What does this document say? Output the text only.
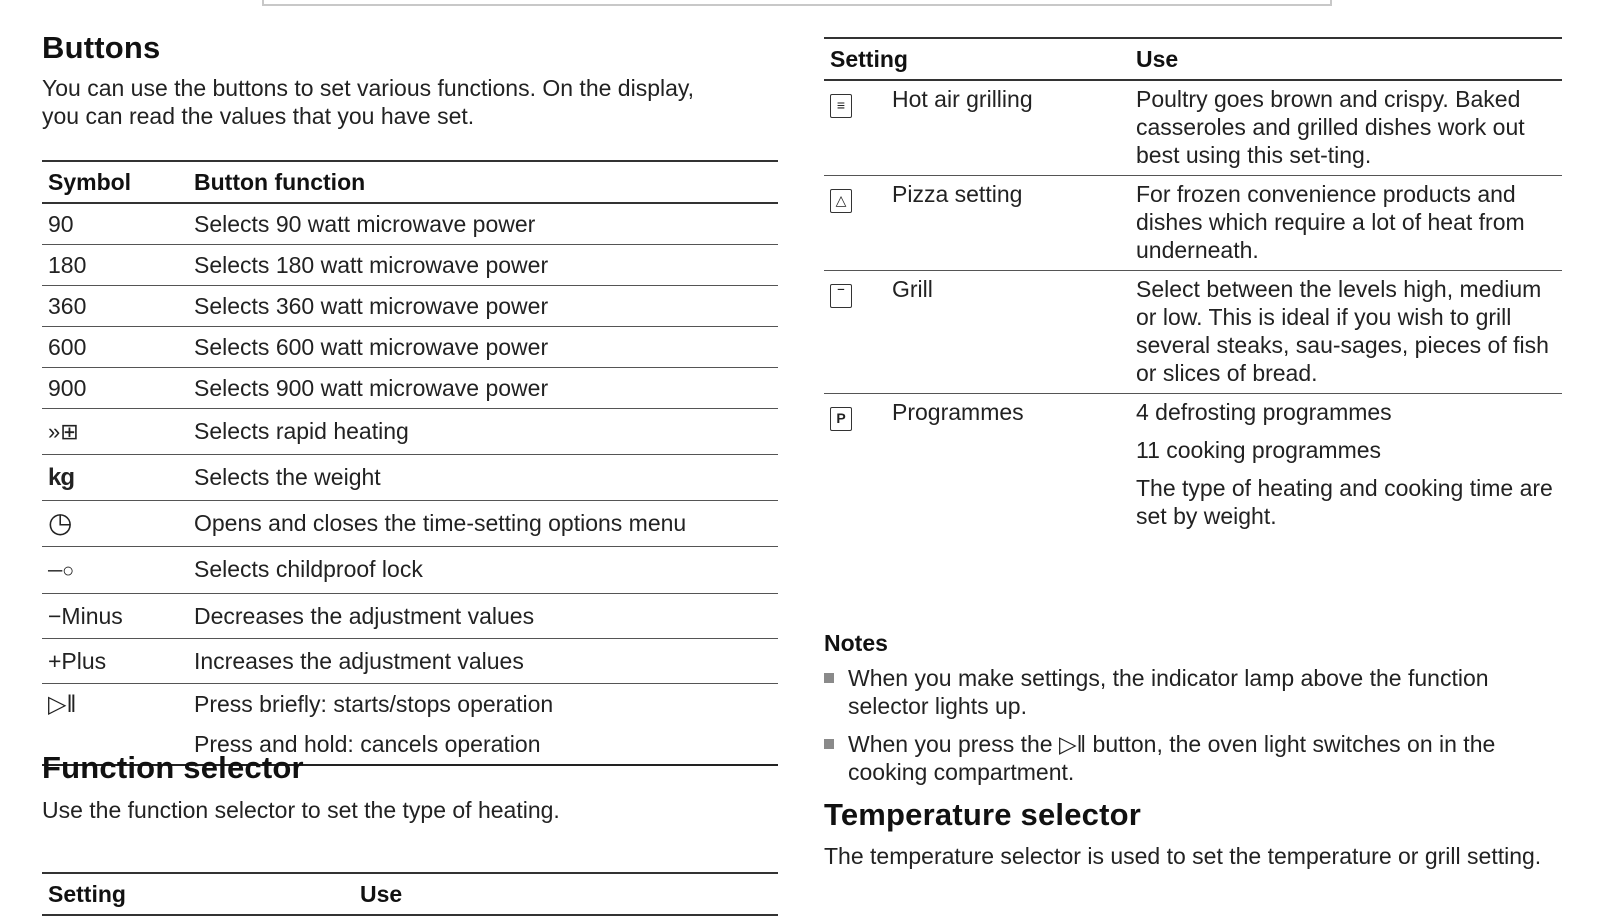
Buttons
You can use the buttons to set various functions. On the display, you can read the values that you have set.
Symbol	Button function
90	Selects 90 watt microwave power
180	Selects 180 watt microwave power
360	Selects 360 watt microwave power
600	Selects 600 watt microwave power
900	Selects 900 watt microwave power
»⊞	Selects rapid heating
kg	Selects the weight
◷	Opens and closes the time-setting options menu
─○	Selects childproof lock
−Minus	Decreases the adjustment values
+Plus	Increases the adjustment values
▷‖	Press briefly: starts/stops operation
Press and hold: cancels operation
Function selector
Use the function selector to set the type of heating.
Setting	Use
Setting		Use
≡	Hot air grilling	Poultry goes brown and crispy. Baked casseroles and grilled dishes work out best using this set-ting.
△	Pizza setting	For frozen convenience products and dishes which require a lot of heat from underneath.
‾	Grill	Select between the levels high, medium or low. This is ideal if you wish to grill several steaks, sau-sages, pieces of fish or slices of bread.
P	Programmes	4 defrosting programmes
11 cooking programmes
The type of heating and cooking time are set by weight.
Notes
When you make settings, the indicator lamp above the function selector lights up.
When you press the ▷‖ button, the oven light switches on in the cooking compartment.
Temperature selector
The temperature selector is used to set the temperature or grill setting.
